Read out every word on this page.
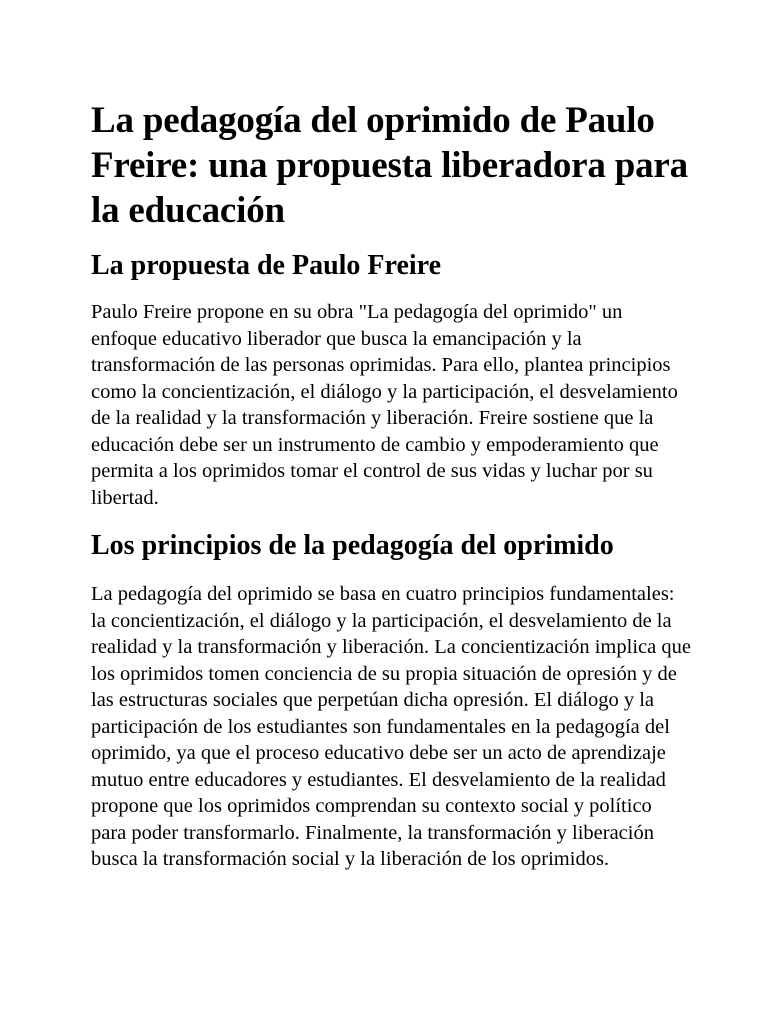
La pedagogía del oprimido de Paulo Freire: una propuesta liberadora para la educación
La propuesta de Paulo Freire

Paulo Freire propone en su obra "La pedagogía del oprimido" un enfoque educativo liberador que busca la emancipación y la transformación de las personas oprimidas. Para ello, plantea principios como la concientización, el diálogo y la participación, el desvelamiento de la realidad y la transformación y liberación. Freire sostiene que la educación debe ser un instrumento de cambio y empoderamiento que permita a los oprimidos tomar el control de sus vidas y luchar por su libertad.

Los principios de la pedagogía del oprimido

La pedagogía del oprimido se basa en cuatro principios fundamentales: la concientización, el diálogo y la participación, el desvelamiento de la realidad y la transformación y liberación. La concientización implica que los oprimidos tomen conciencia de su propia situación de opresión y de las estructuras sociales que perpetúan dicha opresión. El diálogo y la participación de los estudiantes son fundamentales en la pedagogía del oprimido, ya que el proceso educativo debe ser un acto de aprendizaje mutuo entre educadores y estudiantes. El desvelamiento de la realidad propone que los oprimidos comprendan su contexto social y político para poder transformarlo. Finalmente, la transformación y liberación busca la transformación social y la liberación de los oprimidos.
